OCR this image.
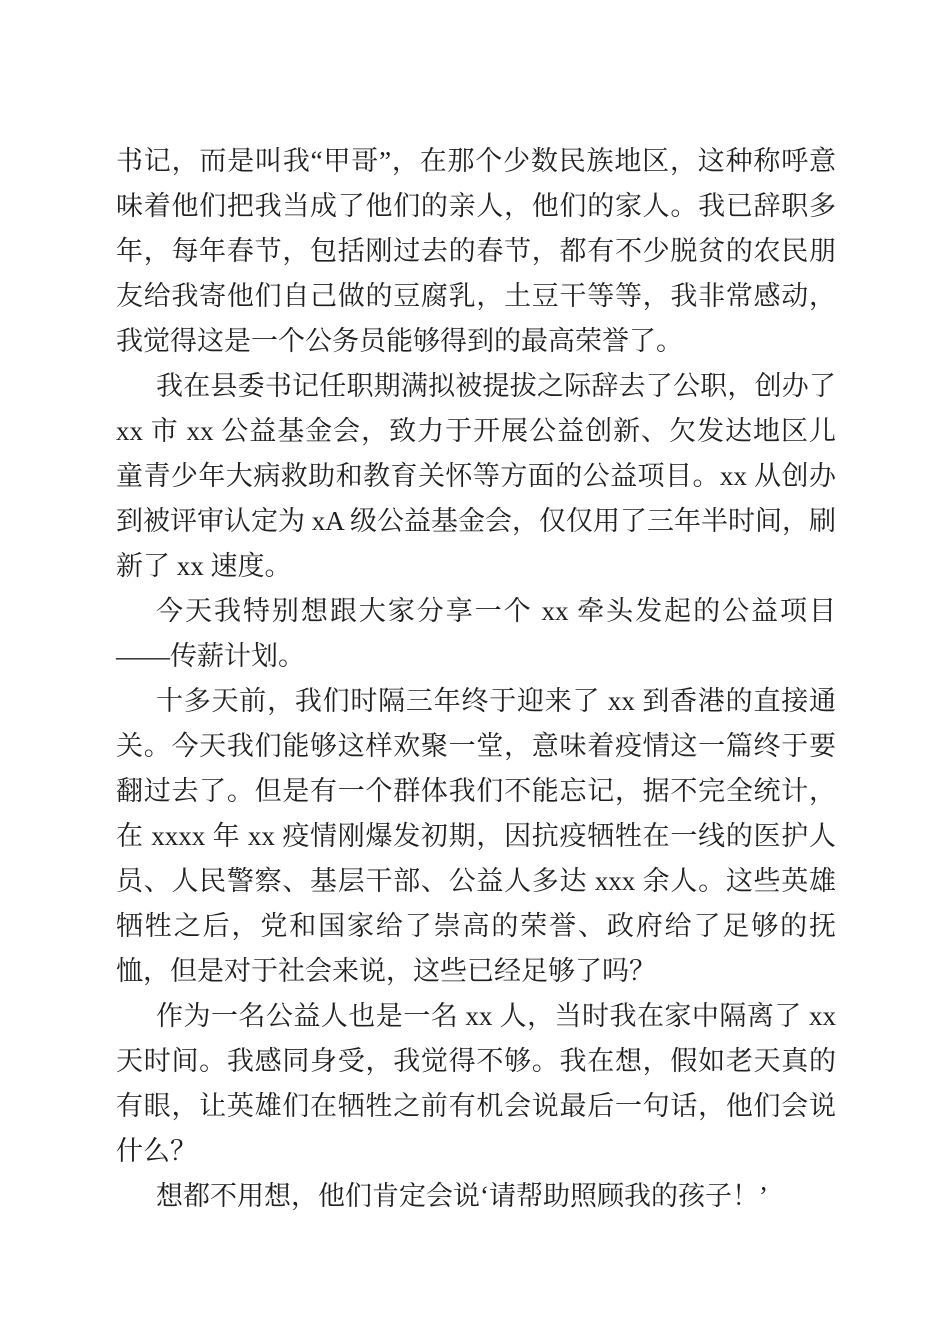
书记，而是叫我“甲哥”，在那个少数民族地区，这种称呼意味着他们把我当成了他们的亲人，他们的家人。我已辞职多年，每年春节，包括刚过去的春节，都有不少脱贫的农民朋友给我寄他们自己做的豆腐乳，土豆干等等，我非常感动，我觉得这是一个公务员能够得到的最高荣誉了。

我在县委书记任职期满拟被提拔之际辞去了公职，创办了 xx 市 xx 公益基金会，致力于开展公益创新、欠发达地区儿童青少年大病救助和教育关怀等方面的公益项目。xx 从创办到被评审认定为 xA 级公益基金会，仅仅用了三年半时间，刷新了 xx 速度。

今天我特别想跟大家分享一个 xx 牵头发起的公益项目——传薪计划。

十多天前，我们时隔三年终于迎来了 xx 到香港的直接通关。今天我们能够这样欢聚一堂，意味着疫情这一篇终于要翻过去了。但是有一个群体我们不能忘记，据不完全统计，在 xxxx 年 xx 疫情刚爆发初期，因抗疫牺牲在一线的医护人员、人民警察、基层干部、公益人多达 xxx 余人。这些英雄牺牲之后，党和国家给了崇高的荣誉、政府给了足够的抚恤，但是对于社会来说，这些已经足够了吗？

作为一名公益人也是一名 xx 人，当时我在家中隔离了 xx 天时间。我感同身受，我觉得不够。我在想，假如老天真的有眼，让英雄们在牺牲之前有机会说最后一句话，他们会说什么？

想都不用想，他们肯定会说‘请帮助照顾我的孩子！’
